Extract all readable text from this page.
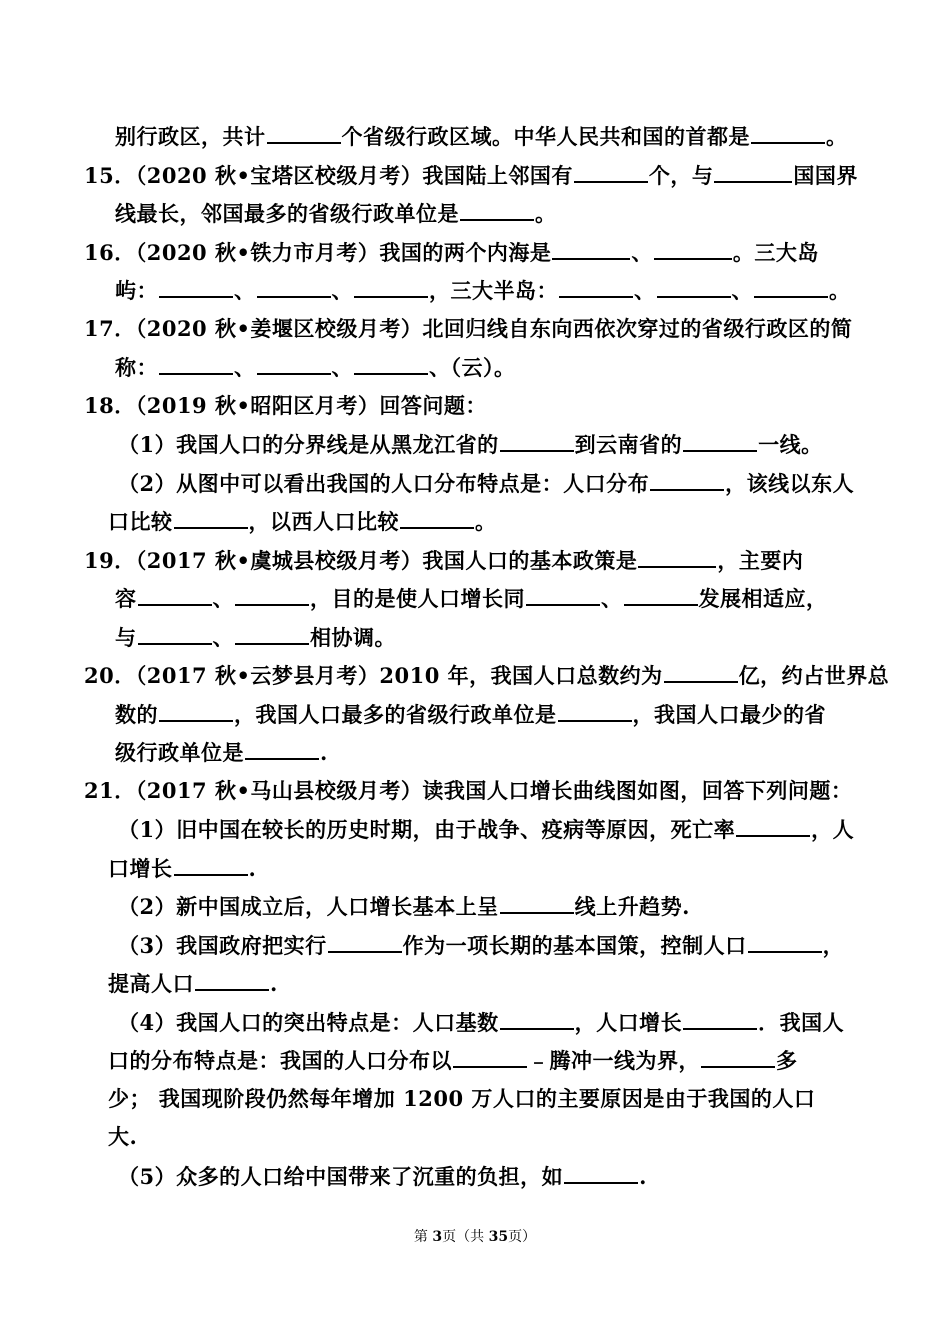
别行政区，共计	个省级行政区域。中华人民共和国的首都是	。
15．（2020 秋•宝塔区校级月考）我国陆上邻国有	个，与	国国界
线最长，邻国最多的省级行政单位是	。
16．（2020 秋•铁力市月考）我国的两个内海是	、	。三大岛
屿：	、	、	，三大半岛：	、	、	。
17．（2020 秋•姜堰区校级月考）北回归线自东向西依次穿过的省级行政区的简
称：	、	、	、（云）。
18．（2019 秋•昭阳区月考）回答问题：
（1）我国人口的分界线是从黑龙江省的	到云南省的	一线。
（2）从图中可以看出我国的人口分布特点是：人口分布	，该线以东人
口比较	，以西人口比较	。
19．（2017 秋•虞城县校级月考）我国人口的基本政策是	，主要内
容	、	，目的是使人口增长同	、	发展相适应，
与	、	相协调。
20．（2017 秋•云梦县月考）2010 年，我国人口总数约为	亿，约占世界总
数的	，我国人口最多的省级行政单位是	，我国人口最少的省
级行政单位是	.
21．（2017 秋•马山县校级月考）读我国人口增长曲线图如图，回答下列问题：
（1）旧中国在较长的历史时期，由于战争、疫病等原因，死亡率	，人
口增长	.
（2）新中国成立后，人口增长基本上呈	线上升趋势.
（3）我国政府把实行	作为一项长期的基本国策，控制人口	，
提高人口	.
（4）我国人口的突出特点是：人口基数	，人口增长	．我国人
口的分布特点是：我国的人口分布以	﹣腾冲一线为界，	多
少； 我国现阶段仍然每年增加 1200 万人口的主要原因是由于我国的人口
大.
（5）众多的人口给中国带来了沉重的负担，如	.
第 3页（共 35页）
